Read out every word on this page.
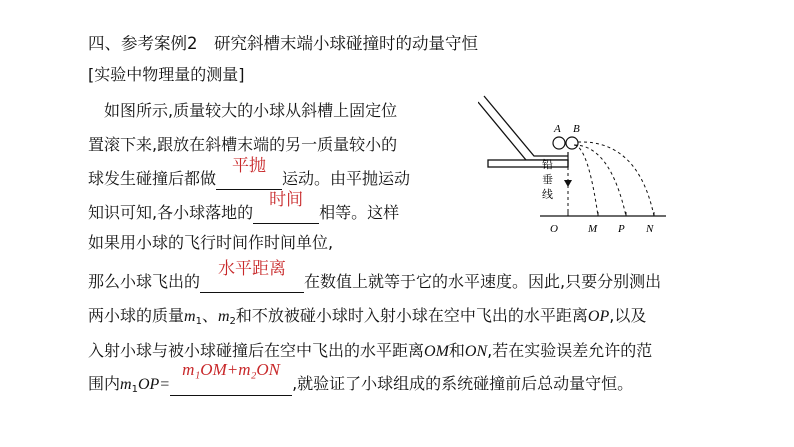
四、参考案例2　研究斜槽末端小球碰撞时的动量守恒
[实验中物理量的测量]
　如图所示,质量较大的小球从斜槽上固定位
置滚下来,跟放在斜槽末端的另一质量较小的
球发生碰撞后都做
平抛
运动。由平抛运动
知识可知,各小球落地的
时间
相等。这样
如果用小球的飞行时间作时间单位,
那么小球飞出的
水平距离
在数值上就等于它的水平速度。因此,只要分别测出
两小球的质量$m_1$、$m_2$和不放被碰小球时入射小球在空中飞出的水平距离OP,以及
入射小球与被小球碰撞后在空中飞出的水平距离OM和ON,若在实验误差允许的范
围内$m_1OP=$
m₁OM+m₂ON
,就验证了小球组成的系统碰撞前后总动量守恒。
A B
铅
垂
线
O	M P N
